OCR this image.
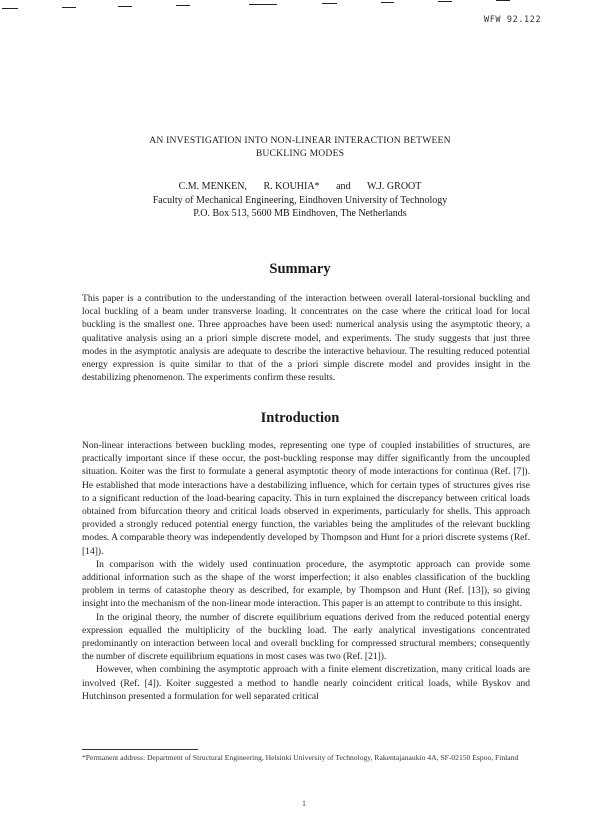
WFW 92.122
AN INVESTIGATION INTO NON-LINEAR INTERACTION BETWEEN
BUCKLING MODES
C.M. MENKEN, R. KOUHIA* and W.J. GROOT
Faculty of Mechanical Engineering, Eindhoven University of Technology
P.O. Box 513, 5600 MB Eindhoven, The Netherlands
Summary

This paper is a contribution to the understanding of the interaction between overall lateral-torsional buckling and local buckling of a beam under transverse loading. It concentrates on the case where the critical load for local buckling is the smallest one. Three approaches have been used: numerical analysis using the asymptotic theory, a qualitative analysis using an a priori simple discrete model, and experiments. The study suggests that just three modes in the asymptotic analysis are adequate to describe the interactive behaviour. The resulting reduced potential energy expression is quite similar to that of the a priori simple discrete model and provides insight in the destabilizing phenomenon. The experiments confirm these results.

Introduction

Non-linear interactions between buckling modes, representing one type of coupled instabilities of structures, are practically important since if these occur, the post-buckling response may differ significantly from the uncoupled situation. Koiter was the first to formulate a general asymptotic theory of mode interactions for continua (Ref. [7]). He established that mode interactions have a destabilizing influence, which for certain types of structures gives rise to a significant reduction of the load-bearing capacity. This in turn explained the discrepancy between critical loads obtained from bifurcation theory and critical loads observed in experiments, particularly for shells. This approach provided a strongly reduced potential energy function, the variables being the amplitudes of the relevant buckling modes. A comparable theory was independently developed by Thompson and Hunt for a priori discrete systems (Ref. [14]).

In comparison with the widely used continuation procedure, the asymptotic approach can provide some additional information such as the shape of the worst imperfection; it also enables classification of the buckling problem in terms of catastophe theory as described, for example, by Thompson and Hunt (Ref. [13]), so giving insight into the mechanism of the non-linear mode interaction. This paper is an attempt to contribute to this insight.

In the original theory, the number of discrete equilibrium equations derived from the reduced potential energy expression equalled the multiplicity of the buckling load. The early analytical investigations concentrated predominantly on interaction between local and overall buckling for compressed structural members; consequently the number of discrete equilibrium equations in most cases was two (Ref. [21]).

However, when combining the asymptotic approach with a finite element discretization, many critical loads are involved (Ref. [4]). Koiter suggested a method to handle nearly coincident critical loads, while Byskov and Hutchinson presented a formulation for well separated critical

*Permanent address: Department of Structural Engineering, Helsinki University of Technology, Rakentajanaukio 4A, SF-02150 Espoo, Finland
1
